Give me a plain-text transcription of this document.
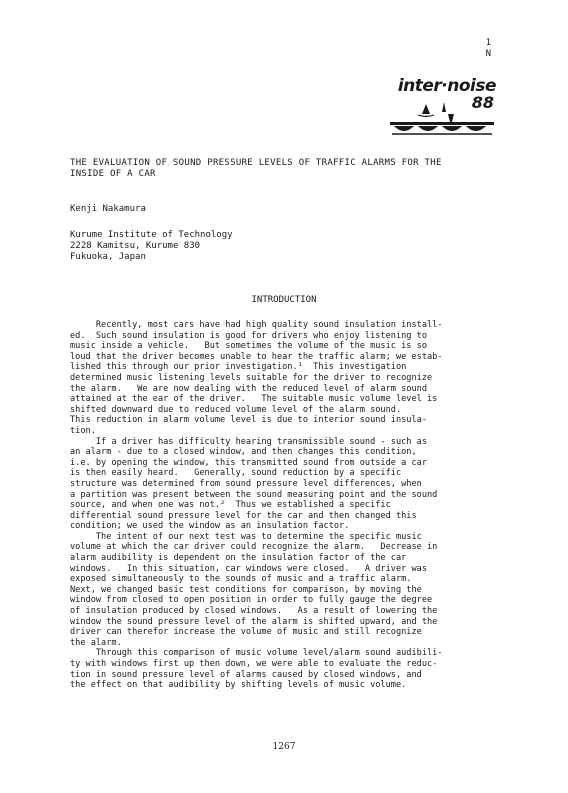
1
N
inter·noise
88
THE EVALUATION OF SOUND PRESSURE LEVELS OF TRAFFIC ALARMS FOR THE
INSIDE OF A CAR
Kenji Nakamura
Kurume Institute of Technology
2228 Kamitsu, Kurume 830
Fukuoka, Japan
INTRODUCTION
Recently, most cars have had high quality sound insulation install-
ed.  Such sound insulation is good for drivers who enjoy listening to
music inside a vehicle.   But sometimes the volume of the music is so
loud that the driver becomes unable to hear the traffic alarm; we estab-
lished this through our prior investigation.¹  This investigation
determined music listening levels suitable for the driver to recognize
the alarm.   We are now dealing with the reduced level of alarm sound
attained at the ear of the driver.   The suitable music volume level is
shifted downward due to reduced volume level of the alarm sound.
This reduction in alarm volume level is due to interior sound insula-
tion.
If a driver has difficulty hearing transmissible sound - such as
an alarm - due to a closed window, and then changes this condition,
i.e. by opening the window, this transmitted sound from outside a car
is then easily heard.   Generally, sound reduction by a specific
structure was determined from sound pressure level differences, when
a partition was present between the sound measuring point and the sound
source, and when one was not.²  Thus we established a specific
differential sound pressure level for the car and then changed this
condition; we used the window as an insulation factor.
The intent of our next test was to determine the specific music
volume at which the car driver could recognize the alarm.   Decrease in
alarm audibility is dependent on the insulation factor of the car
windows.   In this situation, car windows were closed.   A driver was
exposed simultaneously to the sounds of music and a traffic alarm.
Next, we changed basic test conditions for comparison, by moving the
window from closed to open position in order to fully gauge the degree
of insulation produced by closed windows.   As a result of lowering the
window the sound pressure level of the alarm is shifted upward, and the
driver can therefor increase the volume of music and still recognize
the alarm.
Through this comparison of music volume level/alarm sound audibili-
ty with windows first up then down, we were able to evaluate the reduc-
tion in sound pressure level of alarms caused by closed windows, and
the effect on that audibility by shifting levels of music volume.
1267
